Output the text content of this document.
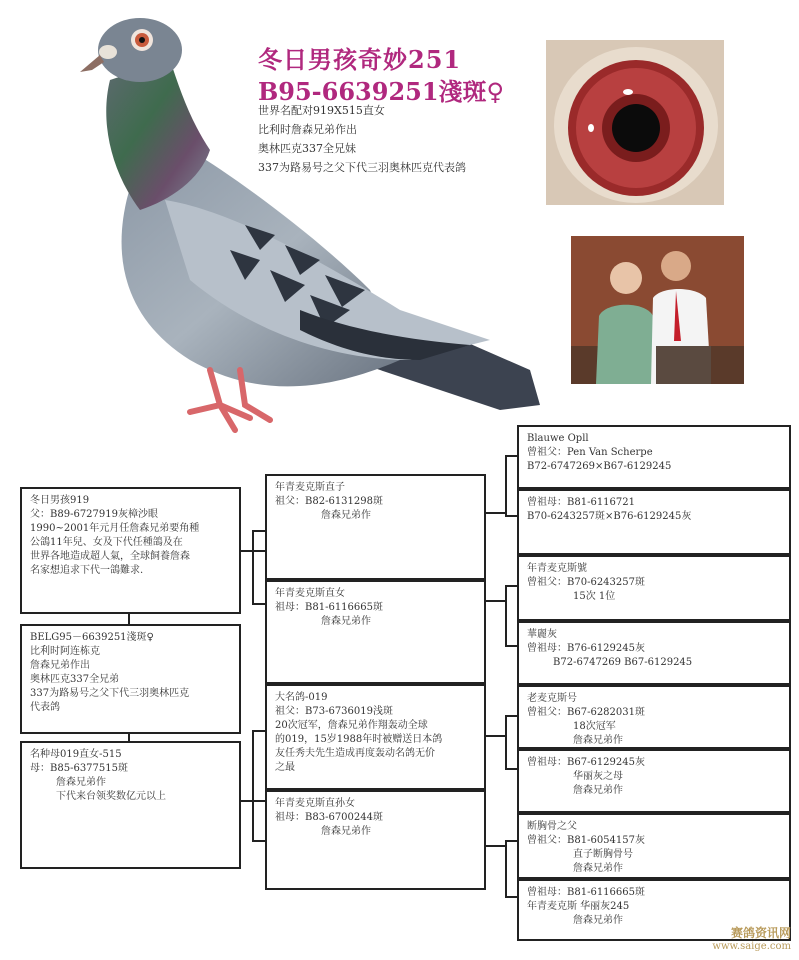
冬日男孩奇妙251
B95-6639251淺斑♀
世界名配对919X515直女
比利时詹森兄弟作出
奥林匹克337全兄妹
337为路易号之父下代三羽奥林匹克代表鸽
冬日男孩919
父：B89-6727919灰樟沙眼
1990~2001年元月任詹森兄弟要角種
公鴿11年兒、女及下代任種鴿及在
世界各地造成超人氣，全球飼養詹森
名家想追求下代一鴿難求.
BELG95－6639251淺斑♀
比利时阿连栋克
詹森兄弟作出
奥林匹克337全兄弟
337为路易号之父下代三羽奥林匹克
代表鸽
名种母019直女-515
母：B85-6377515斑
詹森兄弟作
下代来台领奖数亿元以上
年青麦克斯直子
祖父：B82-6131298斑
詹森兄弟作
年青麦克斯直女
祖母：B81-6116665斑
詹森兄弟作
大名鸽-019
祖父：B73-6736019浅斑
20次冠军，詹森兄弟作翔轰动全球
的019，15岁1988年时被赠送日本鸽
友任秀夫先生造成再度轰动名鸽无价
之最
年青麦克斯直孙女
祖母：B83-6700244斑
詹森兄弟作
Blauwe Opll
曾祖父：Pen Van Scherpe
B72-6747269×B67-6129245
曾祖母：B81-6116721
B70-6243257斑×B76-6129245灰
年青麦克斯號
曾祖父：B70-6243257斑
15次 1位
華麗灰
曾祖母：B76-6129245灰
B72-6747269 B67-6129245
老麦克斯号
曾祖父：B67-6282031斑
18次冠军
詹森兄弟作
曾祖母：B67-6129245灰
华丽灰之母
詹森兄弟作
断胸骨之父
曾祖父：B81-6054157灰
直子断胸骨号
詹森兄弟作
曾祖母：B81-6116665斑
年青麦克斯 华丽灰245
詹森兄弟作
赛鸽资讯网
www.saige.com
